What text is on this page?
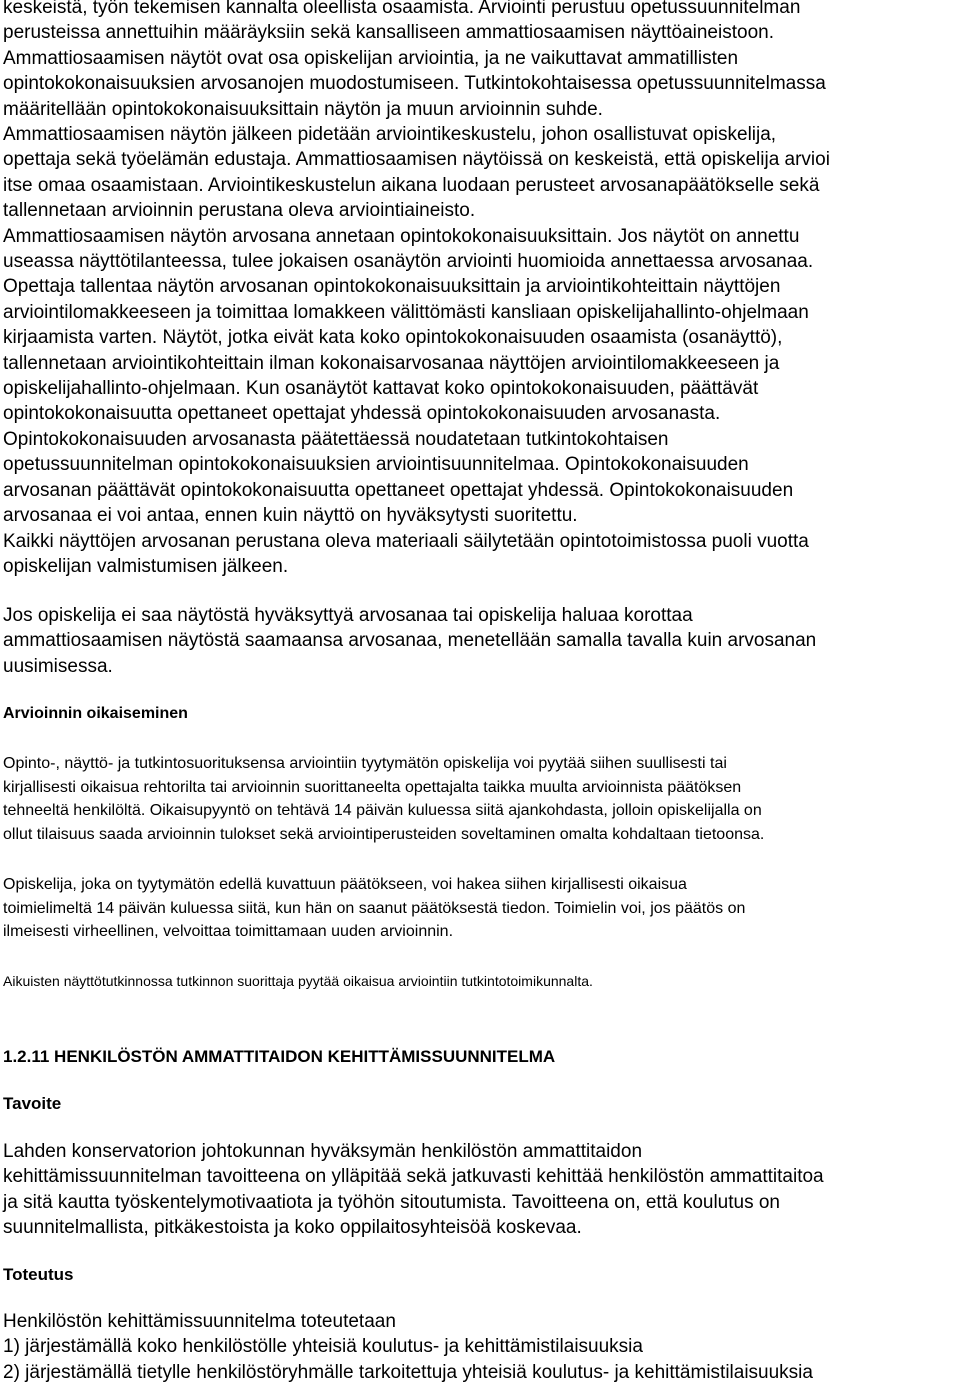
keskeistä, työn tekemisen kannalta oleellista osaamista. Arviointi perustuu opetussuunnitelman
perusteissa annettuihin määräyksiin sekä kansalliseen ammattiosaamisen näyttöaineistoon.
Ammattiosaamisen näytöt ovat osa opiskelijan arviointia, ja ne vaikuttavat ammatillisten
opintokokonaisuuksien arvosanojen muodostumiseen. Tutkintokohtaisessa opetussuunnitelmassa
määritellään opintokokonaisuuksittain näytön ja muun arvioinnin suhde.
Ammattiosaamisen näytön jälkeen pidetään arviointikeskustelu, johon osallistuvat opiskelija,
opettaja sekä työelämän edustaja. Ammattiosaamisen näytöissä on keskeistä, että opiskelija arvioi
itse omaa osaamistaan. Arviointikeskustelun aikana luodaan perusteet arvosanapäätökselle sekä
tallennetaan arvioinnin perustana oleva arviointiaineisto.
Ammattiosaamisen näytön arvosana annetaan opintokokonaisuuksittain. Jos näytöt on annettu
useassa näyttötilanteessa, tulee jokaisen osanäytön arviointi huomioida annettaessa arvosanaa.
Opettaja tallentaa näytön arvosanan opintokokonaisuuksittain ja arviointikohteittain näyttöjen
arviointilomakkeeseen ja toimittaa lomakkeen välittömästi kansliaan opiskelijahallinto-ohjelmaan
kirjaamista varten. Näytöt, jotka eivät kata koko opintokokonaisuuden osaamista (osanäyttö),
tallennetaan arviointikohteittain ilman kokonaisarvosanaa näyttöjen arviointilomakkeeseen ja
opiskelijahallinto-ohjelmaan. Kun osanäytöt kattavat koko opintokokonaisuuden, päättävät
opintokokonaisuutta opettaneet opettajat yhdessä opintokokonaisuuden arvosanasta.
Opintokokonaisuuden arvosanasta päätettäessä noudatetaan tutkintokohtaisen
opetussuunnitelman opintokokonaisuuksien arviointisuunnitelmaa. Opintokokonaisuuden
arvosanan päättävät opintokokonaisuutta opettaneet opettajat yhdessä. Opintokokonaisuuden
arvosanaa ei voi antaa, ennen kuin näyttö on hyväksytysti suoritettu.
Kaikki näyttöjen arvosanan perustana oleva materiaali säilytetään opintotoimistossa puoli vuotta
opiskelijan valmistumisen jälkeen.
Jos opiskelija ei saa näytöstä hyväksyttyä arvosanaa tai opiskelija haluaa korottaa
ammattiosaamisen näytöstä saamaansa arvosanaa, menetellään samalla tavalla kuin arvosanan
uusimisessa.
Arvioinnin oikaiseminen
Opinto-, näyttö- ja tutkintosuorituksensa arviointiin tyytymätön opiskelija voi pyytää siihen suullisesti tai
kirjallisesti oikaisua rehtorilta tai arvioinnin suorittaneelta opettajalta taikka muulta arvioinnista päätöksen
tehneeltä henkilöltä. Oikaisupyyntö on tehtävä 14 päivän kuluessa siitä ajankohdasta, jolloin opiskelijalla on
ollut tilaisuus saada arvioinnin tulokset sekä arviointiperusteiden soveltaminen omalta kohdaltaan tietoonsa.
Opiskelija, joka on tyytymätön edellä kuvattuun päätökseen, voi hakea siihen kirjallisesti oikaisua
toimielimeltä 14 päivän kuluessa siitä, kun hän on saanut päätöksestä tiedon. Toimielin voi, jos päätös on
ilmeisesti virheellinen, velvoittaa toimittamaan uuden arvioinnin.
Aikuisten näyttötutkinnossa tutkinnon suorittaja pyytää oikaisua arviointiin tutkintotoimikunnalta.
1.2.11 HENKILÖSTÖN AMMATTITAIDON KEHITTÄMISSUUNNITELMA
Tavoite
Lahden konservatorion johtokunnan hyväksymän henkilöstön ammattitaidon
kehittämissuunnitelman tavoitteena on ylläpitää sekä jatkuvasti kehittää henkilöstön ammattitaitoa
ja sitä kautta työskentelymotivaatiota ja työhön sitoutumista. Tavoitteena on, että koulutus on
suunnitelmallista, pitkäkestoista ja koko oppilaitosyhteisöä koskevaa.
Toteutus
Henkilöstön kehittämissuunnitelma toteutetaan
1) järjestämällä koko henkilöstölle yhteisiä koulutus- ja kehittämistilaisuuksia
2) järjestämällä tietylle henkilöstöryhmälle tarkoitettuja yhteisiä koulutus- ja kehittämistilaisuuksia
